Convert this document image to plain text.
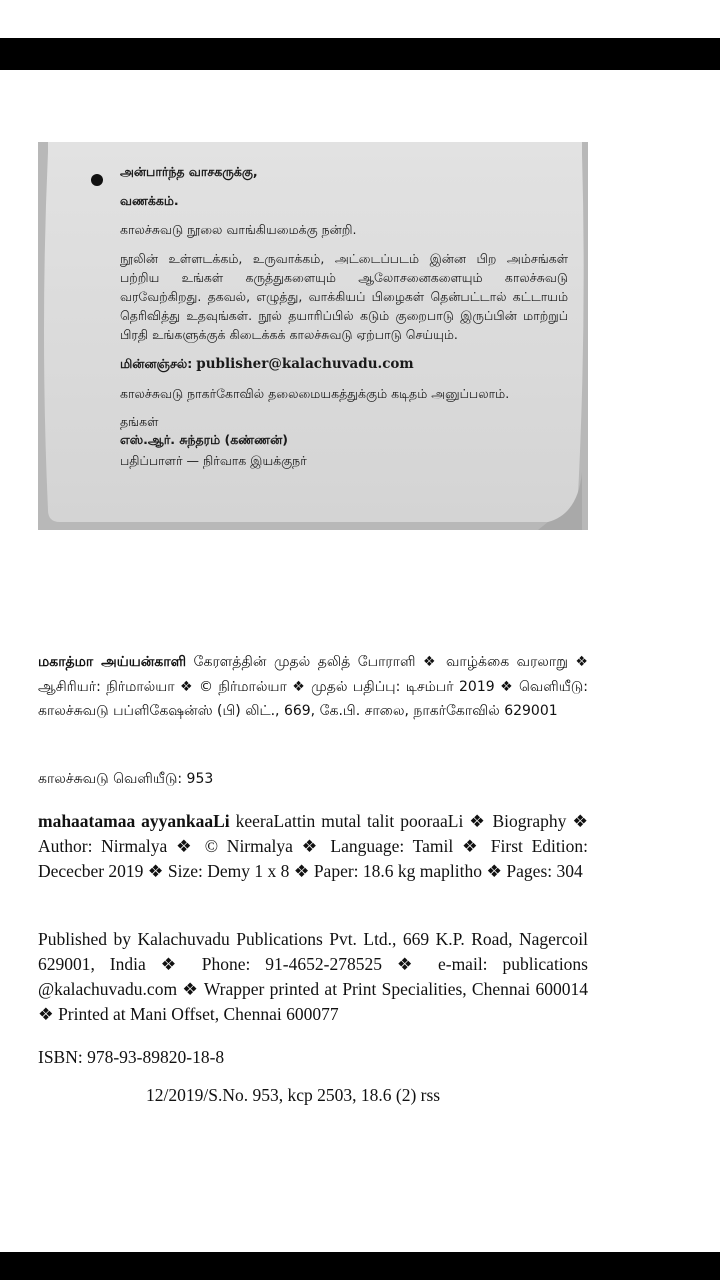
அன்பார்ந்த வாசகருக்கு,

வணக்கம்.

காலச்சுவடு நூலை வாங்கியமைக்கு நன்றி.

நூலின் உள்ளடக்கம், உருவாக்கம், அட்டைப்படம் இன்ன பிற அம்சங்கள் பற்றிய உங்கள் கருத்துகளையும் ஆலோசனைகளையும் காலச்சுவடு வரவேற்கிறது. தகவல், எழுத்து, வாக்கியப் பிழைகள் தென்பட்டால் கட்டாயம் தெரிவித்து உதவுங்கள். நூல் தயாரிப்பில் கடும் குறைபாடு இருப்பின் மாற்றுப் பிரதி உங்களுக்குக் கிடைக்கக் காலச்சுவடு ஏற்பாடு செய்யும்.

மின்னஞ்சல்: publisher@kalachuvadu.com

காலச்சுவடு நாகர்கோவில் தலைமையகத்துக்கும் கடிதம் அனுப்பலாம்.

தங்கள்

எஸ்.ஆர். சுந்தரம் (கண்ணன்)

பதிப்பாளர் — நிர்வாக இயக்குநர்

மகாத்மா அய்யன்காளி கேரளத்தின் முதல் தலித் போராளி ❖ வாழ்க்கை வரலாறு ❖ ஆசிரியர்: நிர்மால்யா ❖ © நிர்மால்யா ❖ முதல் பதிப்பு: டிசம்பர் 2019 ❖ வெளியீடு: காலச்சுவடு பப்ளிகேஷன்ஸ் (பி) லிட்., 669, கே.பி. சாலை, நாகர்கோவில் 629001
காலச்சுவடு வெளியீடு: 953
mahaatamaa ayyankaaLi keeraLattin mutal talit pooraaLi ❖ Biography ❖ Author: Nirmalya ❖ © Nirmalya ❖ Language: Tamil ❖ First Edition: Dececber 2019 ❖ Size: Demy 1 x 8 ❖ Paper: 18.6 kg maplitho ❖ Pages: 304
Published by Kalachuvadu Publications Pvt. Ltd., 669 K.P. Road, Nagercoil 629001, India ❖ Phone: 91-4652-278525 ❖ e-mail: publications @kalachuvadu.com ❖ Wrapper printed at Print Specialities, Chennai 600014 ❖ Printed at Mani Offset, Chennai 600077
ISBN: 978-93-89820-18-8
12/2019/S.No. 953, kcp 2503, 18.6 (2) rss
